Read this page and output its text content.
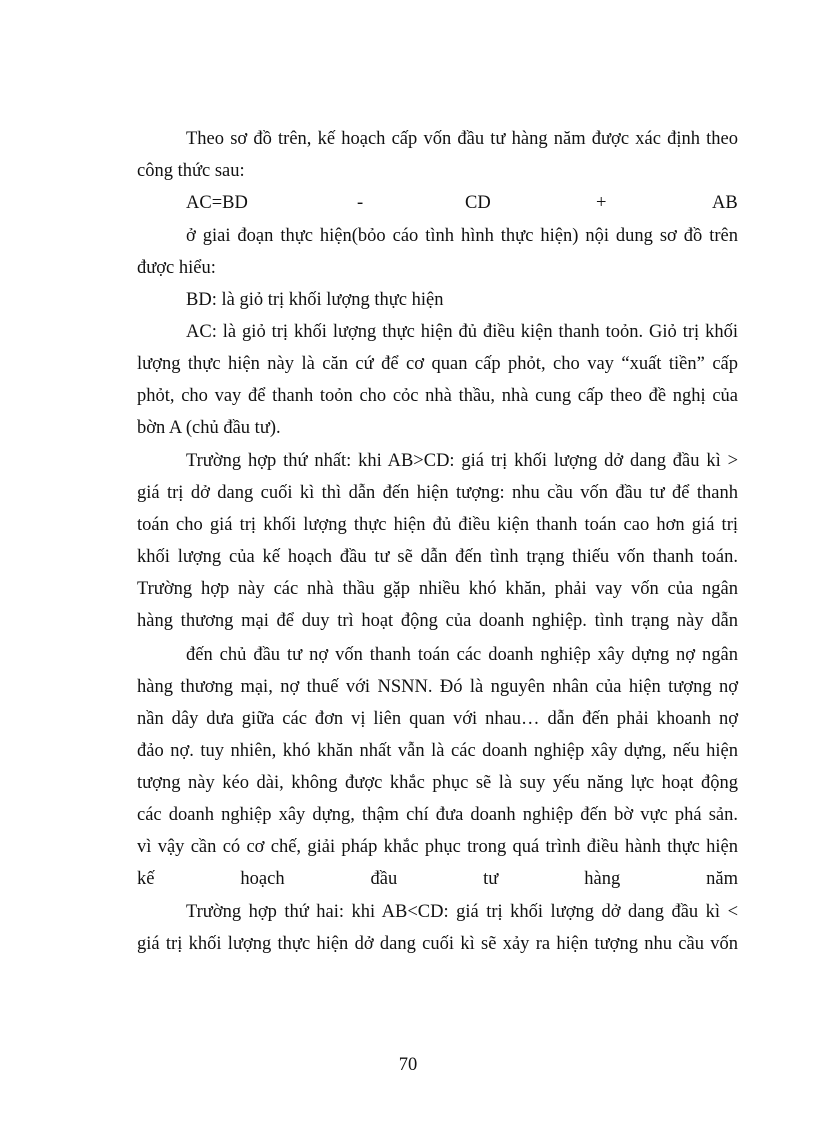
Theo sơ đồ trên, kế hoạch cấp vốn đầu tư hàng năm được xác định theo
công thức sau:
AC=BD	-	CD	+	AB
ở giai đoạn thực hiện(bỏo cáo tình hình thực hiện) nội dung sơ đồ trên
được hiểu:
BD: là giỏ trị khối lượng thực hiện
AC: là giỏ trị khối lượng thực hiện đủ điều kiện thanh toỏn. Giỏ trị khối
lượng thực hiện này là căn cứ để cơ quan cấp phỏt, cho vay “xuất tiền” cấp
phỏt, cho vay để thanh toỏn cho cỏc nhà thầu, nhà cung cấp theo đề nghị của
bờn A (chủ đầu tư).
Trường hợp thứ nhất: khi AB>CD: giá trị khối lượng dở dang đầu kì >
giá trị dở dang cuối kì thì dẫn đến hiện tượng: nhu cầu vốn đầu tư để thanh
toán cho giá trị khối lượng thực hiện đủ điều kiện thanh toán cao hơn giá trị
khối lượng của kế hoạch đầu tư sẽ dẫn đến tình trạng thiếu vốn thanh toán.
Trường hợp này các nhà thầu gặp nhiều khó khăn, phải vay vốn của ngân
hàng thương mại để duy trì hoạt động của doanh nghiệp. tình trạng này dẫn
đến chủ đầu tư nợ vốn thanh toán các doanh nghiệp xây dựng nợ ngân
hàng thương mại, nợ thuế với NSNN. Đó là nguyên nhân của hiện tượng nợ
nần dây dưa giữa các đơn vị liên quan với nhau… dẫn đến phải khoanh nợ
đảo nợ. tuy nhiên, khó khăn nhất vẫn là các doanh nghiệp xây dựng, nếu hiện
tượng này kéo dài, không được khắc phục sẽ là suy yếu năng lực hoạt động
các doanh nghiệp xây dựng, thậm chí đưa doanh nghiệp đến bờ vực phá sản.
vì vậy cần có cơ chế, giải pháp khắc phục trong quá trình điều hành thực hiện
kế hoạch đầu tư hàng năm
Trường hợp thứ hai: khi AB<CD: giá trị khối lượng dở dang đầu kì <
giá trị khối lượng thực hiện dở dang cuối kì sẽ xảy ra hiện tượng nhu cầu vốn
70
